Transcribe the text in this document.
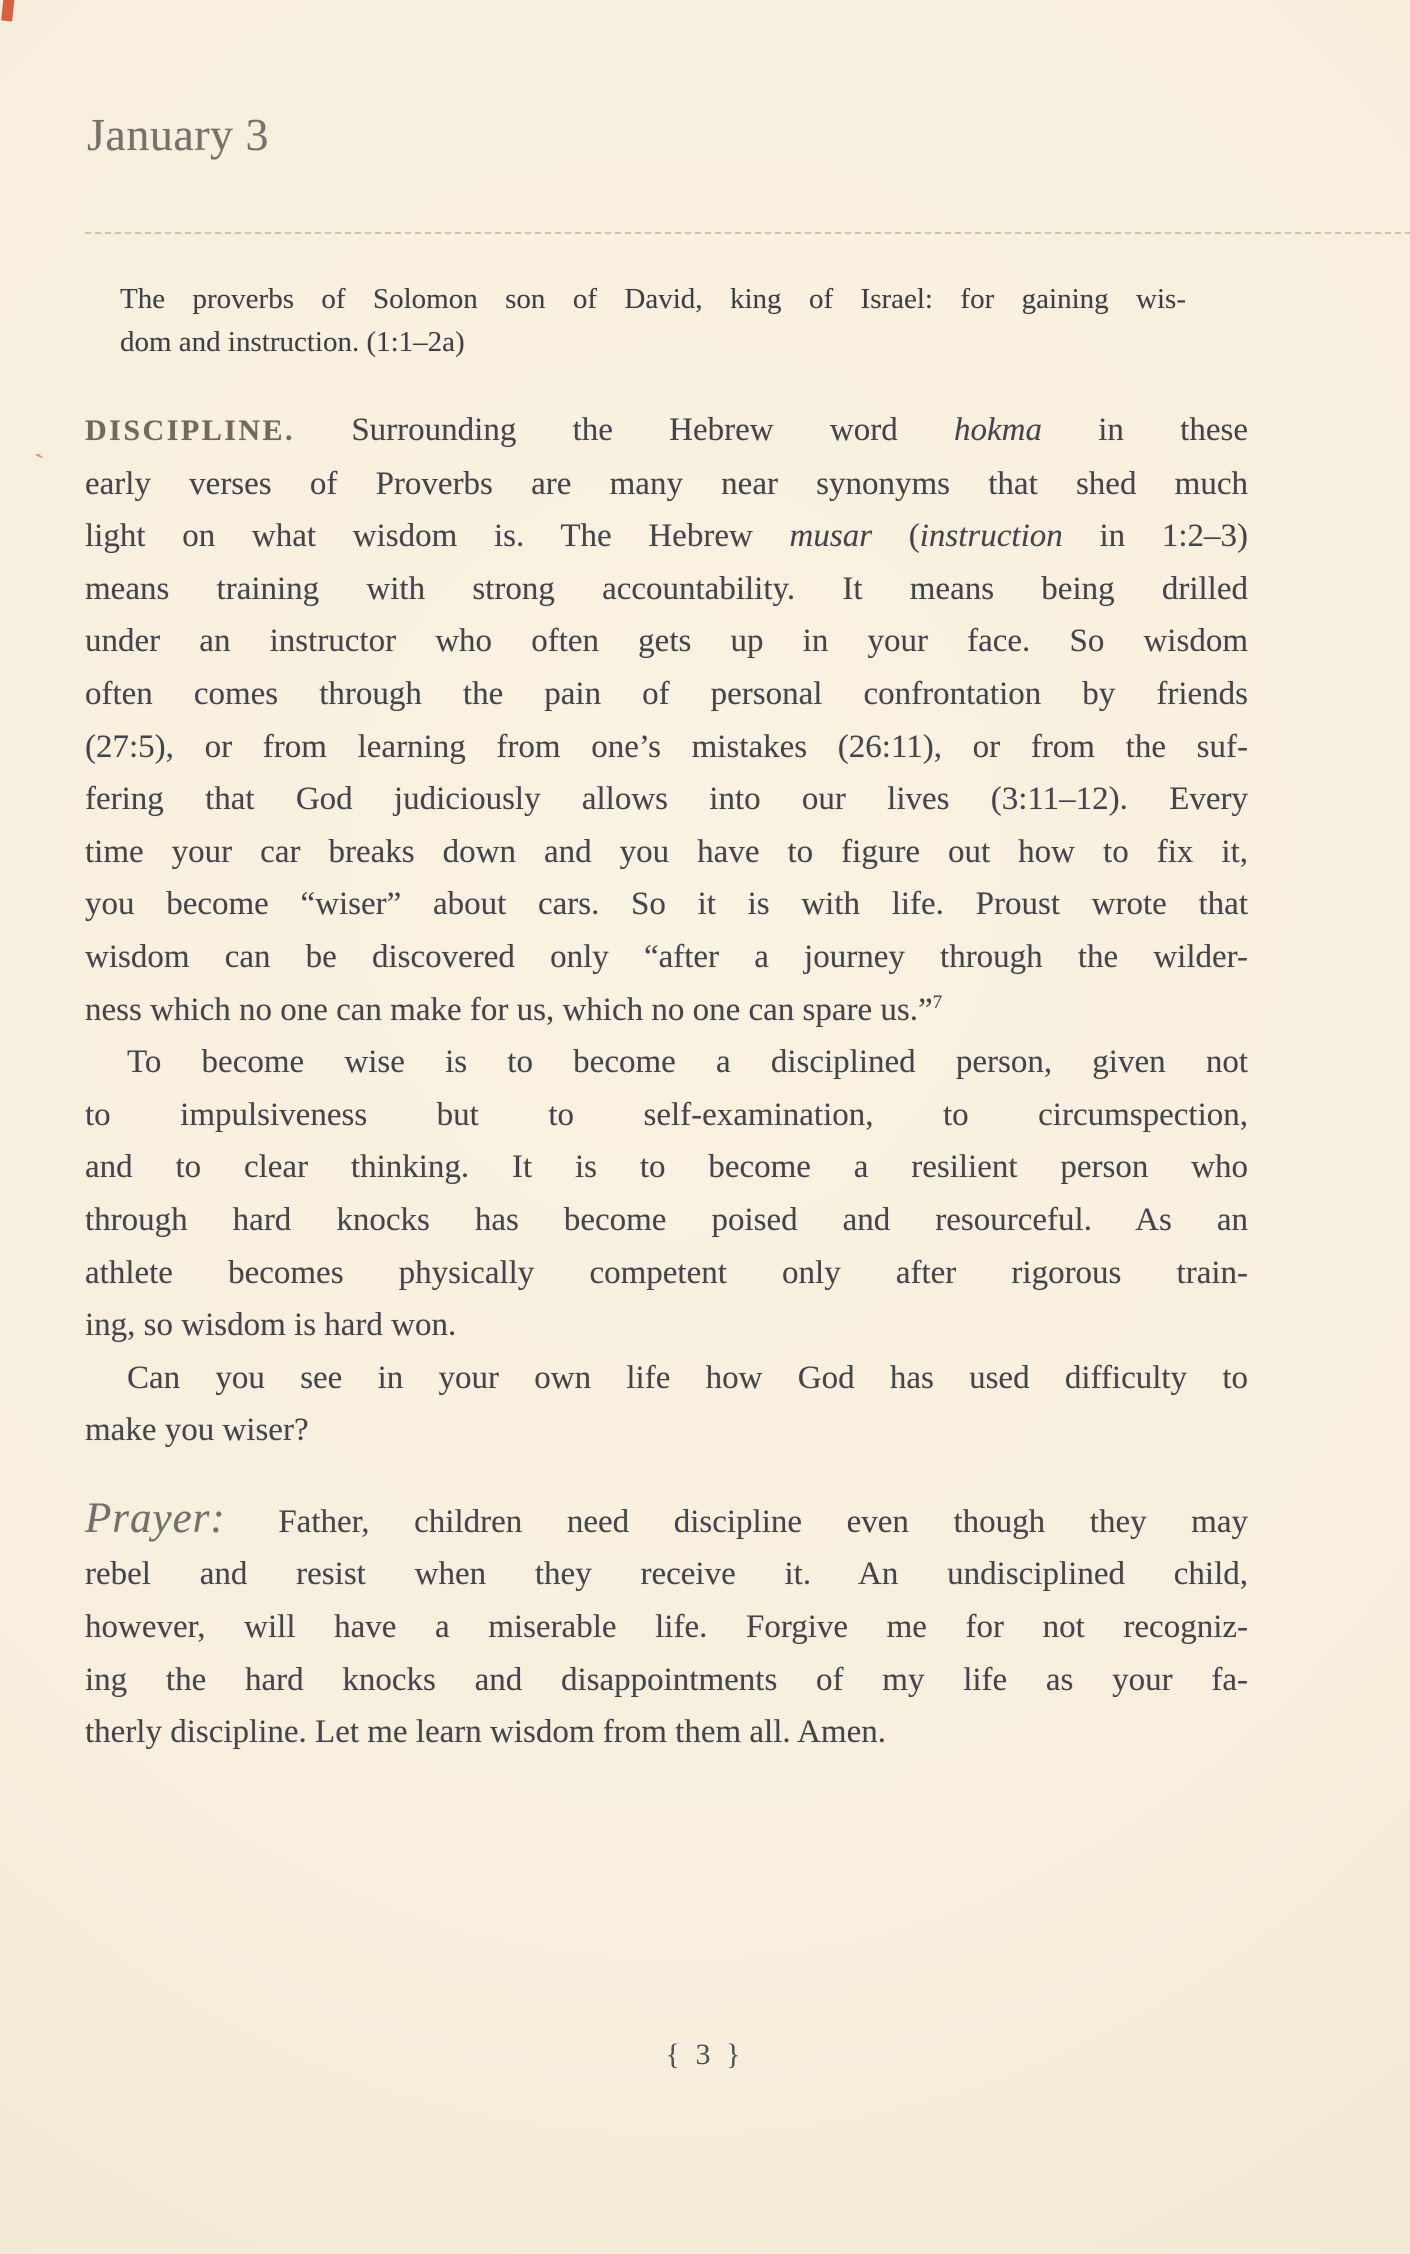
ˋ
January 3
The proverbs of Solomon son of David, king of Israel: for gaining wis-
dom and instruction. (1:1–2a)
DISCIPLINE. Surrounding the Hebrew word hokma in these
early verses of Proverbs are many near synonyms that shed much
light on what wisdom is. The Hebrew musar (instruction in 1:2–3)
means training with strong accountability. It means being drilled
under an instructor who often gets up in your face. So wisdom
often comes through the pain of personal confrontation by friends
(27:5), or from learning from one’s mistakes (26:11), or from the suf-
fering that God judiciously allows into our lives (3:11–12). Every
time your car breaks down and you have to figure out how to fix it,
you become “wiser” about cars. So it is with life. Proust wrote that
wisdom can be discovered only “after a journey through the wilder-
ness which no one can make for us, which no one can spare us.”$^7$
To become wise is to become a disciplined person, given not
to impulsiveness but to self-examination, to circumspection,
and to clear thinking. It is to become a resilient person who
through hard knocks has become poised and resourceful. As an
athlete becomes physically competent only after rigorous train-
ing, so wisdom is hard won.
Can you see in your own life how God has used difficulty to
make you wiser?
Prayer: Father, children need discipline even though they may
rebel and resist when they receive it. An undisciplined child,
however, will have a miserable life. Forgive me for not recogniz-
ing the hard knocks and disappointments of my life as your fa-
therly discipline. Let me learn wisdom from them all. Amen.
{ 3 }
